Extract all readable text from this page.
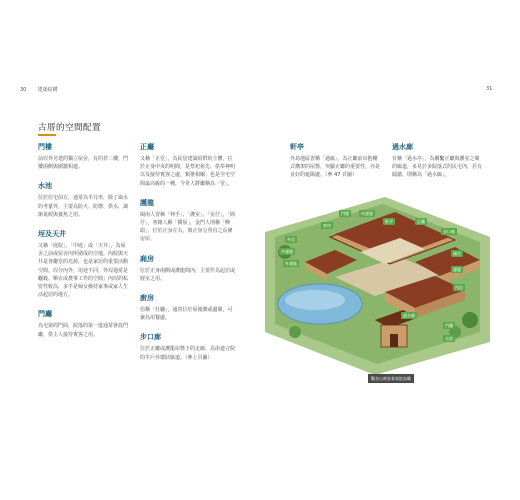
30 建築結構	31
古厝的空間配置
門樓
前埕外另建的獨立屋舍，有的甚二樓，門樓兩側與圍牆相連。
水池
位於住宅前方，通常為半月形，除了風水的考量外，主要為防火、防禦、供水、調節氣候與養魚之用。
埕及天井
又稱「庭院」、「中庭」或「天井」，為屋舍之前或屋舍內所圍成的空地。內院與天井是各廳堂的光源，也是家居的重要活動空間，埕分內外，用途不同，外埕通常是曬穀、晒衣或農事工作的空間；內埕的私密性較高，多半是婦女操持家事或家人生活起居的地方。
門廳
為宅第的門面，院落的第一進通常會設門廳，供主人接待賓客之用。
正廳
又稱「正堂」，為民居建築組群的主體，位於正身中央的明間，是祭祀祖先、供奉神明以及接待賓客之處，類推相關；也是全宅空間最高級的一種，今常人將廳稱為「堂」。
護龍
閩南人習稱「伸手」、「護室」、「室仔」、「間仔」，客籍人稱「橫屋」，金門人則稱「櫸頭」，位於正身左右，與正身呈垂直之長條房屋。
廂房
位於正身兩側或護龍間內，主要作為起居或寢室之用。
廚房
俗稱「灶腳」，通常位於屋後側或邊間，可兼為用餐處。
步口廊
位於正廳或護龍屋簷下的走廊，為串連合院的半戶外環狀廊道。（參上頁圖）
軒亭
外島地區習稱「過廊」，為正廳前出抱棚式構架的屋簷，突顯正廳的重要性，亦是良好的遮陽處。（參 47 頁圖）
過水廊
有稱「過水亭」，為聯繫正廳與護室之間的廊道，多見於多院落式的民宅內，若有隔牆，則稱為「過水廊」。
門樓	內護龍
廚房
軒亭	正廳
步口廊
外埕
外護龍
外護龍
廂房
護龍
內埕
過水廊
門廳
水池
觀音山林安泰家院鳥瞰
